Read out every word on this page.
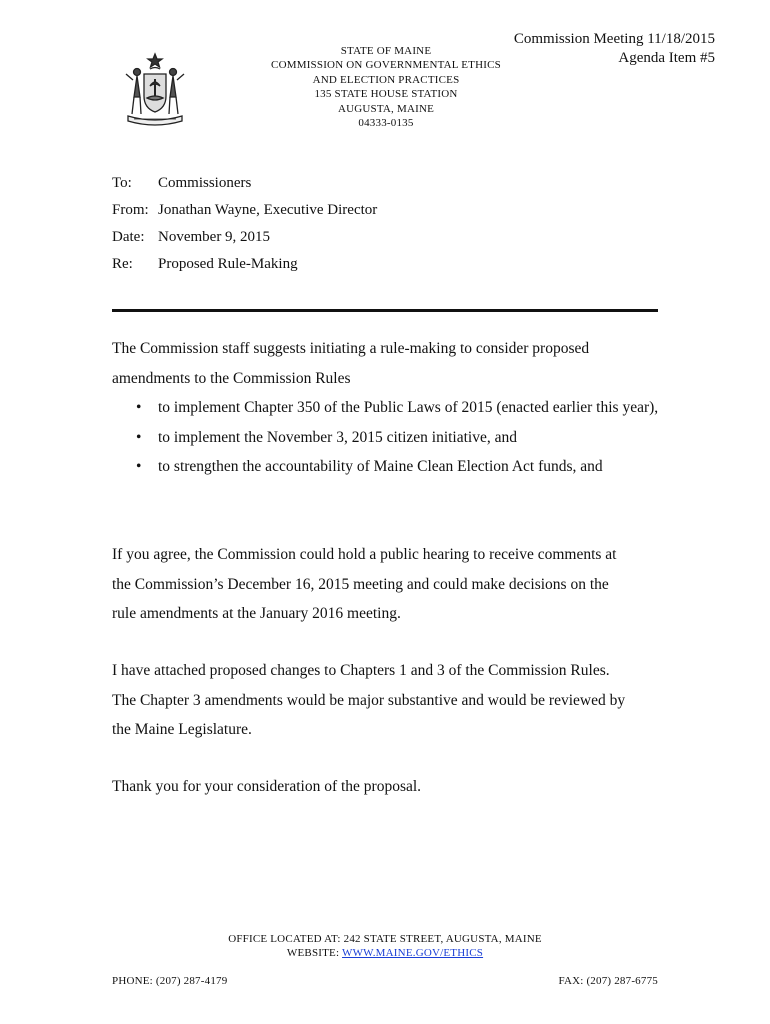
Commission Meeting 11/18/2015
Agenda Item #5
STATE OF MAINE
COMMISSION ON GOVERNMENTAL ETHICS
AND ELECTION PRACTICES
135 STATE HOUSE STATION
AUGUSTA, MAINE
04333-0135
To: Commissioners
From: Jonathan Wayne, Executive Director
Date: November 9, 2015
Re: Proposed Rule-Making
The Commission staff suggests initiating a rule-making to consider proposed
amendments to the Commission Rules
• to implement Chapter 350 of the Public Laws of 2015 (enacted earlier this year),
• to implement the November 3, 2015 citizen initiative, and
• to strengthen the accountability of Maine Clean Election Act funds, and
If you agree, the Commission could hold a public hearing to receive comments at
the Commission’s December 16, 2015 meeting and could make decisions on the
rule amendments at the January 2016 meeting.
I have attached proposed changes to Chapters 1 and 3 of the Commission Rules.
The Chapter 3 amendments would be major substantive and would be reviewed by
the Maine Legislature.
Thank you for your consideration of the proposal.
OFFICE LOCATED AT: 242 STATE STREET, AUGUSTA, MAINE
WEBSITE: WWW.MAINE.GOV/ETHICS
PHONE: (207) 287-4179	FAX: (207) 287-6775
